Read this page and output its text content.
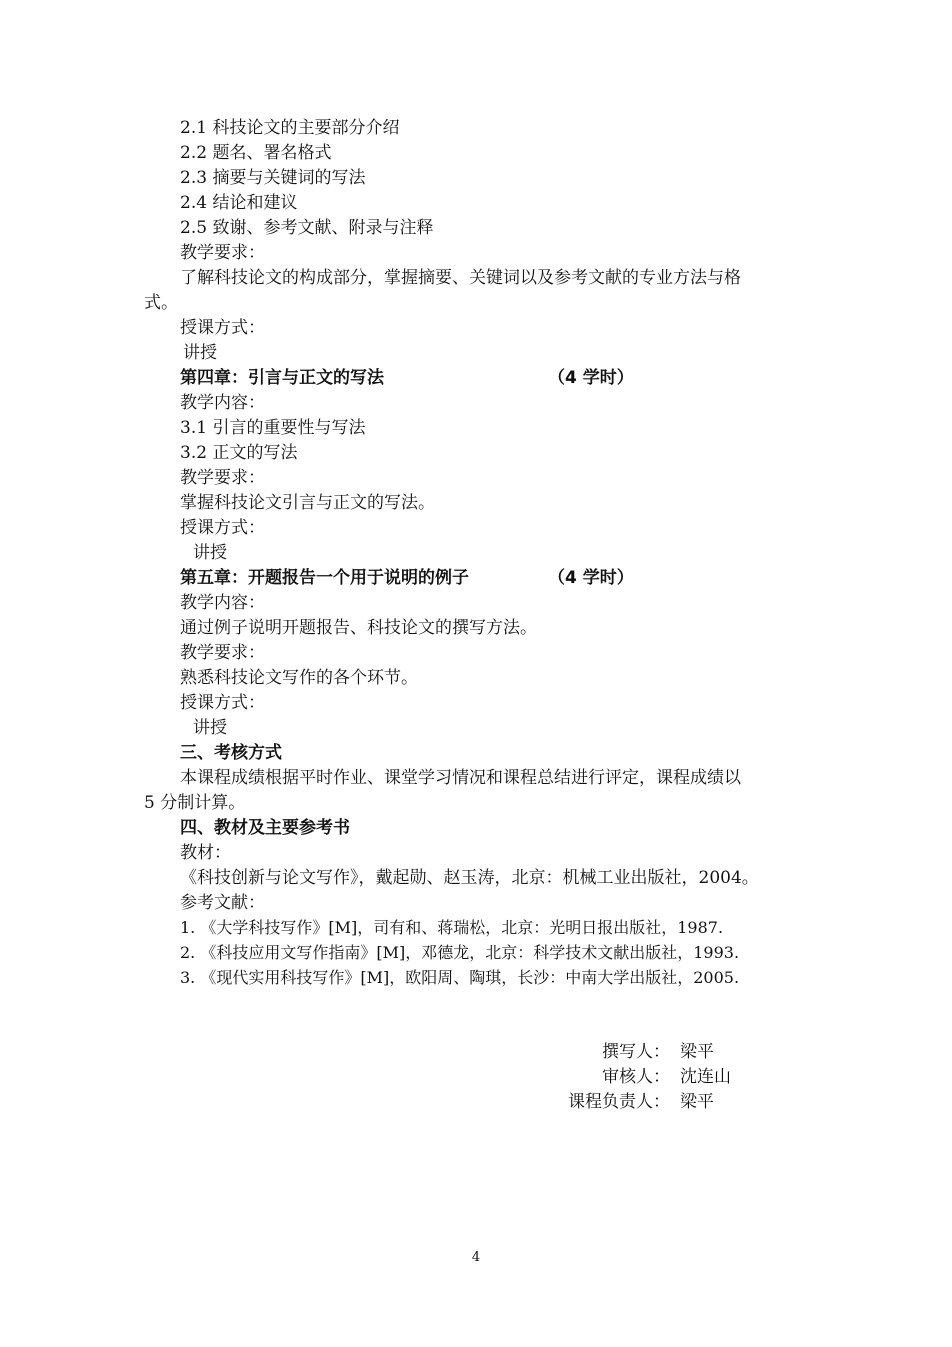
2.1 科技论文的主要部分介绍
2.2 题名、署名格式
2.3 摘要与关键词的写法
2.4 结论和建议
2.5 致谢、参考文献、附录与注释
教学要求：
了解科技论文的构成部分，掌握摘要、关键词以及参考文献的专业方法与格
式。
授课方式：
讲授
第四章：引言与正文的写法	（4 学时）
教学内容：
3.1 引言的重要性与写法
3.2 正文的写法
教学要求：
掌握科技论文引言与正文的写法。
授课方式：
讲授
第五章：开题报告一个用于说明的例子	（4 学时）
教学内容：
通过例子说明开题报告、科技论文的撰写方法。
教学要求：
熟悉科技论文写作的各个环节。
授课方式：
讲授
三、考核方式
本课程成绩根据平时作业、课堂学习情况和课程总结进行评定，课程成绩以
5 分制计算。
四、教材及主要参考书
教材：
《科技创新与论文写作》，戴起勋、赵玉涛，北京：机械工业出版社，2004。
参考文献：
1. 《大学科技写作》[M]，司有和、蒋瑞松，北京：光明日报出版社，1987.
2. 《科技应用文写作指南》[M]，邓德龙，北京：科学技术文献出版社，1993.
3. 《现代实用科技写作》[M]，欧阳周、陶琪，长沙：中南大学出版社，2005.
撰写人： 梁平
审核人： 沈连山
课程负责人： 梁平
4
